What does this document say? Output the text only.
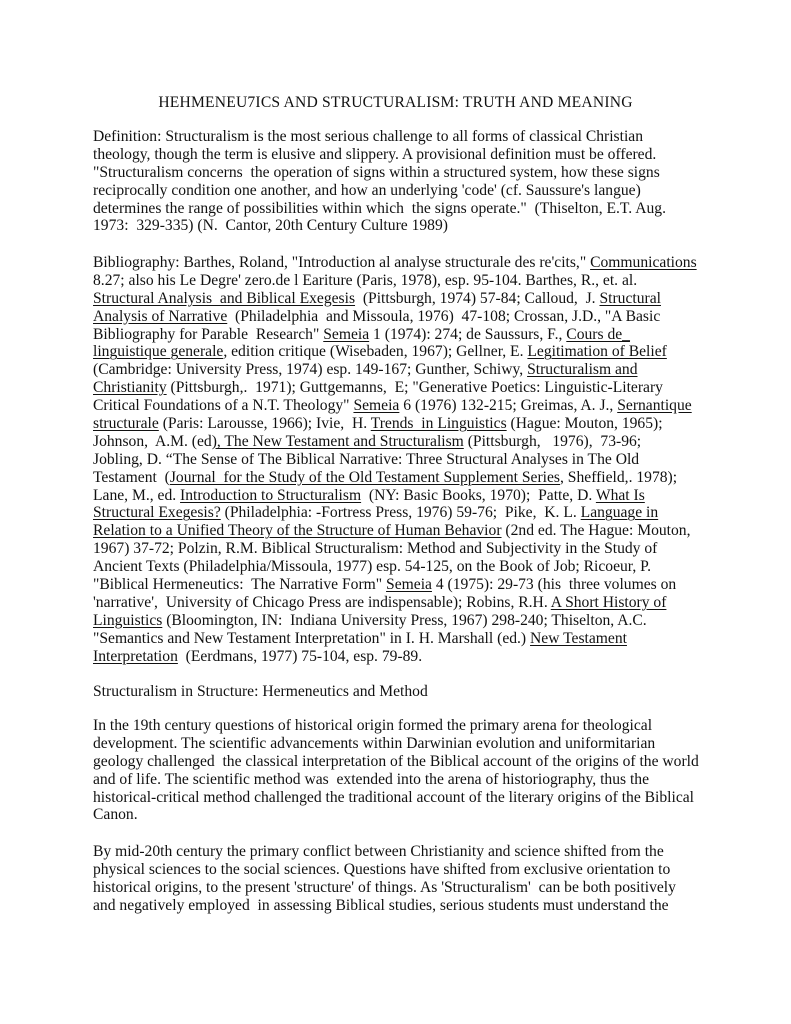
HEHMENEU7ICS AND STRUCTURALISM: TRUTH AND MEANING
Definition: Structuralism is the most serious challenge to all forms of classical Christian
theology, though the term is elusive and slippery. A provisional definition must be offered.
"Structuralism concerns  the operation of signs within a structured system, how these signs
reciprocally condition one another, and how an underlying 'code' (cf. Saussure's langue)
determines the range of possibilities within which  the signs operate."  (Thiselton, E.T. Aug.
1973:  329-335) (N.  Cantor, 20th Century Culture 1989)
Bibliography: Barthes, Roland, "Introduction al analyse structurale des re'cits," Communications
8.27; also his Le Degre' zero.de l Eariture (Paris, 1978), esp. 95-104. Barthes, R., et. al.
Structural Analysis  and Biblical Exegesis  (Pittsburgh, 1974) 57-84; Calloud,  J. Structural
Analysis of Narrative  (Philadelphia  and Missoula, 1976)  47-108; Crossan, J.D., "A Basic
Bibliography for Parable  Research" Semeia 1 (1974): 274; de Saussurs, F., Cours de_
linguistique generale, edition critique (Wisebaden, 1967); Gellner, E. Legitimation of Belief
(Cambridge: University Press, 1974) esp. 149-167; Gunther, Schiwy, Structuralism and
Christianity (Pittsburgh,.  1971); Guttgemanns,  E; "Generative Poetics: Linguistic-Literary
Critical Foundations of a N.T. Theology" Semeia 6 (1976) 132-215; Greimas, A. J., Sernantique
structurale (Paris: Larousse, 1966); Ivie,  H. Trends  in Linguistics (Hague: Mouton, 1965);
Johnson,  A.M. (ed), The New Testament and Structuralism (Pittsburgh,   1976),  73-96;
Jobling, D. “The Sense of The Biblical Narrative: Three Structural Analyses in The Old
Testament  (Journal  for the Study of the Old Testament Supplement Series, Sheffield,. 1978);
Lane, M., ed. Introduction to Structuralism  (NY: Basic Books, 1970);  Patte, D. What Is
Structural Exegesis? (Philadelphia: -Fortress Press, 1976) 59-76;  Pike,  K. L. Language in
Relation to a Unified Theory of the Structure of Human Behavior (2nd ed. The Hague: Mouton,
1967) 37-72; Polzin, R.M. Biblical Structuralism: Method and Subjectivity in the Study of
Ancient Texts (Philadelphia/Missoula, 1977) esp. 54-125, on the Book of Job; Ricoeur, P.
"Biblical Hermeneutics:  The Narrative Form" Semeia 4 (1975): 29-73 (his  three volumes on
'narrative',  University of Chicago Press are indispensable); Robins, R.H. A Short History of
Linguistics (Bloomington, IN:  Indiana University Press, 1967) 298-240; Thiselton, A.C.
"Semantics and New Testament Interpretation" in I. H. Marshall (ed.) New Testament
Interpretation  (Eerdmans, 1977) 75-104, esp. 79-89.
Structuralism in Structure: Hermeneutics and Method
In the 19th century questions of historical origin formed the primary arena for theological
development. The scientific advancements within Darwinian evolution and uniformitarian
geology challenged  the classical interpretation of the Biblical account of the origins of the world
and of life. The scientific method was  extended into the arena of historiography, thus the
historical-critical method challenged the traditional account of the literary origins of the Biblical
Canon.
By mid-20th century the primary conflict between Christianity and science shifted from the
physical sciences to the social sciences. Questions have shifted from exclusive orientation to
historical origins, to the present 'structure' of things. As 'Structuralism'  can be both positively
and negatively employed  in assessing Biblical studies, serious students must understand the
